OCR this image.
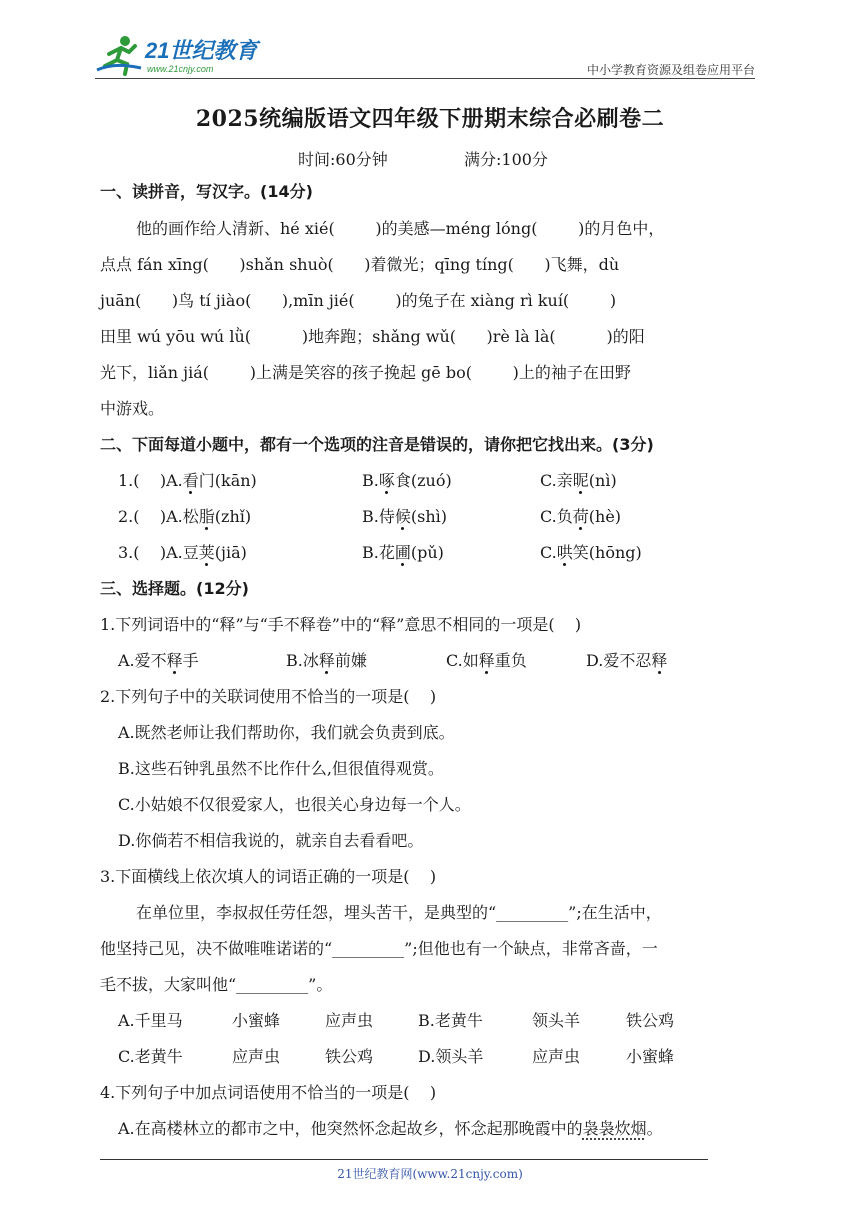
21世纪教育
www.21cnjy.com	中小学教育资源及组卷应用平台
2025统编版语文四年级下册期末综合必刷卷二
时间:60分钟	满分:100分
一、读拼音，写汉字。(14分)
他的画作给人清新、hé xié(        )的美感—méng lóng(        )的月色中，
点点 fán xīng(      )shǎn shuò(      )着微光；qīng tíng(      )飞舞，dù
juān(      )鸟 tí jiào(      ),mīn jié(        )的兔子在 xiàng rì kuí(        )
田里 wú yōu wú lǜ(          )地奔跑；shǎng wǔ(      )rè là là(          )的阳
光下，liǎn jiá(        )上满是笑容的孩子挽起 gē bo(        )上的袖子在田野
中游戏。
二、下面每道小题中，都有一个选项的注音是错误的，请你把它找出来。(3分)
1.(    )A.看门(kān)	B.啄食(zuó)	C.亲昵(nì)
2.(    )A.松脂(zhǐ)	B.侍候(shì)	C.负荷(hè)
3.(    )A.豆荚(jiā)	B.花圃(pǔ)	C.哄笑(hōng)
三、选择题。(12分)
1.下列词语中的“释”与“手不释卷”中的“释”意思不相同的一项是(    )
A.爱不释手	B.冰释前嫌	C.如释重负	D.爱不忍释
2.下列句子中的关联词使用不恰当的一项是(    )
A.既然老师让我们帮助你，我们就会负责到底。
B.这些石钟乳虽然不比作什么,但很值得观赏。
C.小姑娘不仅很爱家人，也很关心身边每一个人。
D.你倘若不相信我说的，就亲自去看看吧。
3.下面横线上依次填人的词语正确的一项是(    )
在单位里，李叔叔任劳任怨，埋头苦干，是典型的“_________”;在生活中，
他坚持己见，决不做唯唯诺诺的“_________”;但他也有一个缺点，非常吝啬，一
毛不拔，大家叫他“_________”。
A.千里马	小蜜蜂	应声虫	B.老黄牛	领头羊	铁公鸡
C.老黄牛	应声虫	铁公鸡	D.领头羊	应声虫	小蜜蜂
4.下列句子中加点词语使用不恰当的一项是(    )
A.在高楼林立的都市之中，他突然怀念起故乡，怀念起那晚霞中的袅袅炊烟。
21世纪教育网(www.21cnjy.com)
